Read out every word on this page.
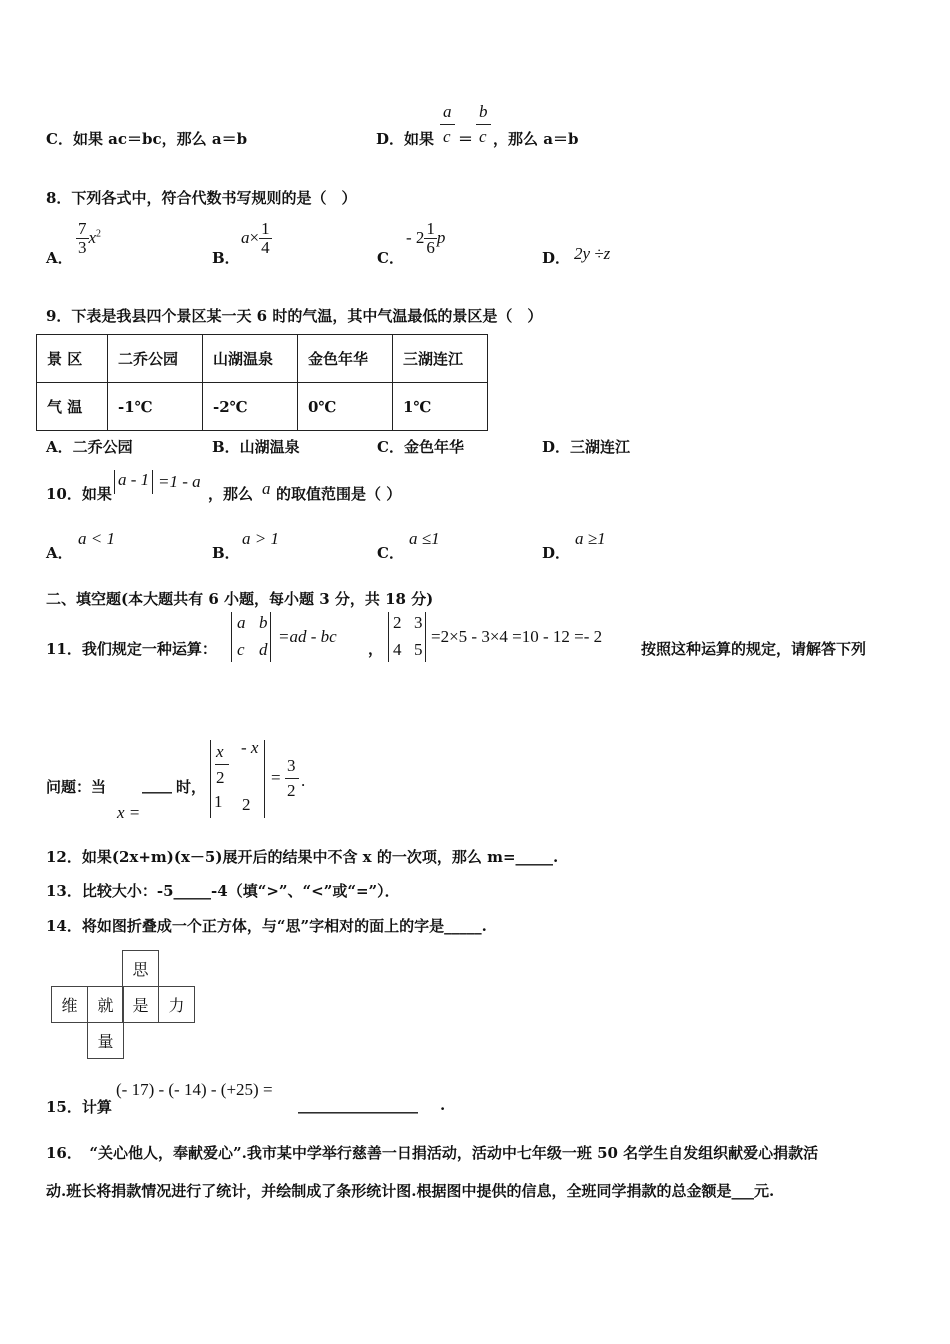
C．如果 ac＝bc，那么 a＝b	D．如果
a
c ＝
b
c ，那么 a＝b
8．下列各式中，符合代数书写规则的是（　）
A．
$\frac{7}{3} x^2$
B．
$a\times \frac{1}{4}$
C．
- $2 \frac{1}{6}$ p
D． 2y ÷z
9．下表是我县四个景区某一天 6 时的气温，其中气温最低的景区是（　）
景 区	二乔公园	山湖温泉	金色年华	三湖连江
气 温	-1℃	-2℃	0℃	1℃
A．二乔公园	B．山湖温泉	C．金色年华	D．三湖连江
10．如果
a - 1 =1 - a
，那么 a 的取值范围是（ ）
A．
a < 1
B．
a > 1
C．
a ≤1
D．
a ≥1
二、填空题(本大题共有 6 小题，每小题 3 分，共 18 分)
11．我们规定一种运算：
a b
c d
=ad - bc
，
2 3
4 5
=2×5 - 3×4 =10 - 12 =- 2
按照这种运算的规定，请解答下列
问题：当 ____ 时，
x =
x
2
- x
1 2
=
3
2
.
12．如果(2x+m)(x－5)展开后的结果中不含 x 的一次项，那么 m=_____.
13．比较大小：-5_____-4（填“>”、“<”或“=”）．
14．将如图折叠成一个正方体，与“思”字相对的面上的字是_____.
思
维	就	是	力
量
15．计算
(- 17) - (- 14) - (+25) =
________________ .
16．　“关心他人，奉献爱心”.我市某中学举行慈善一日捐活动，活动中七年级一班 50 名学生自发组织献爱心捐款活
动.班长将捐款情况进行了统计，并绘制成了条形统计图.根据图中提供的信息，全班同学捐款的总金额是___元.
